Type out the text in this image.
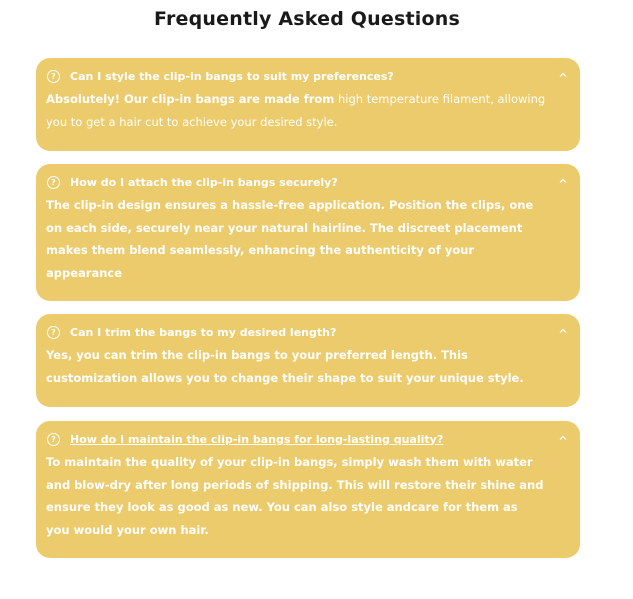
Frequently Asked Questions
?	Can I style the clip-in bangs to suit my preferences?
Absolutely! Our clip-in bangs are made from high temperature filament, allowing
you to get a hair cut to achieve your desired style.
?	How do I attach the clip-in bangs securely?
The clip-in design ensures a hassle-free application. Position the clips, one
on each side, securely near your natural hairline. The discreet placement
makes them blend seamlessly, enhancing the authenticity of your
appearance
?	Can I trim the bangs to my desired length?
Yes, you can trim the clip-in bangs to your preferred length. This
customization allows you to change their shape to suit your unique style.
?	How do I maintain the clip-in bangs for long-lasting quality?
To maintain the quality of your clip-in bangs, simply wash them with water
and blow-dry after long periods of shipping. This will restore their shine and
ensure they look as good as new. You can also style andcare for them as
you would your own hair.
